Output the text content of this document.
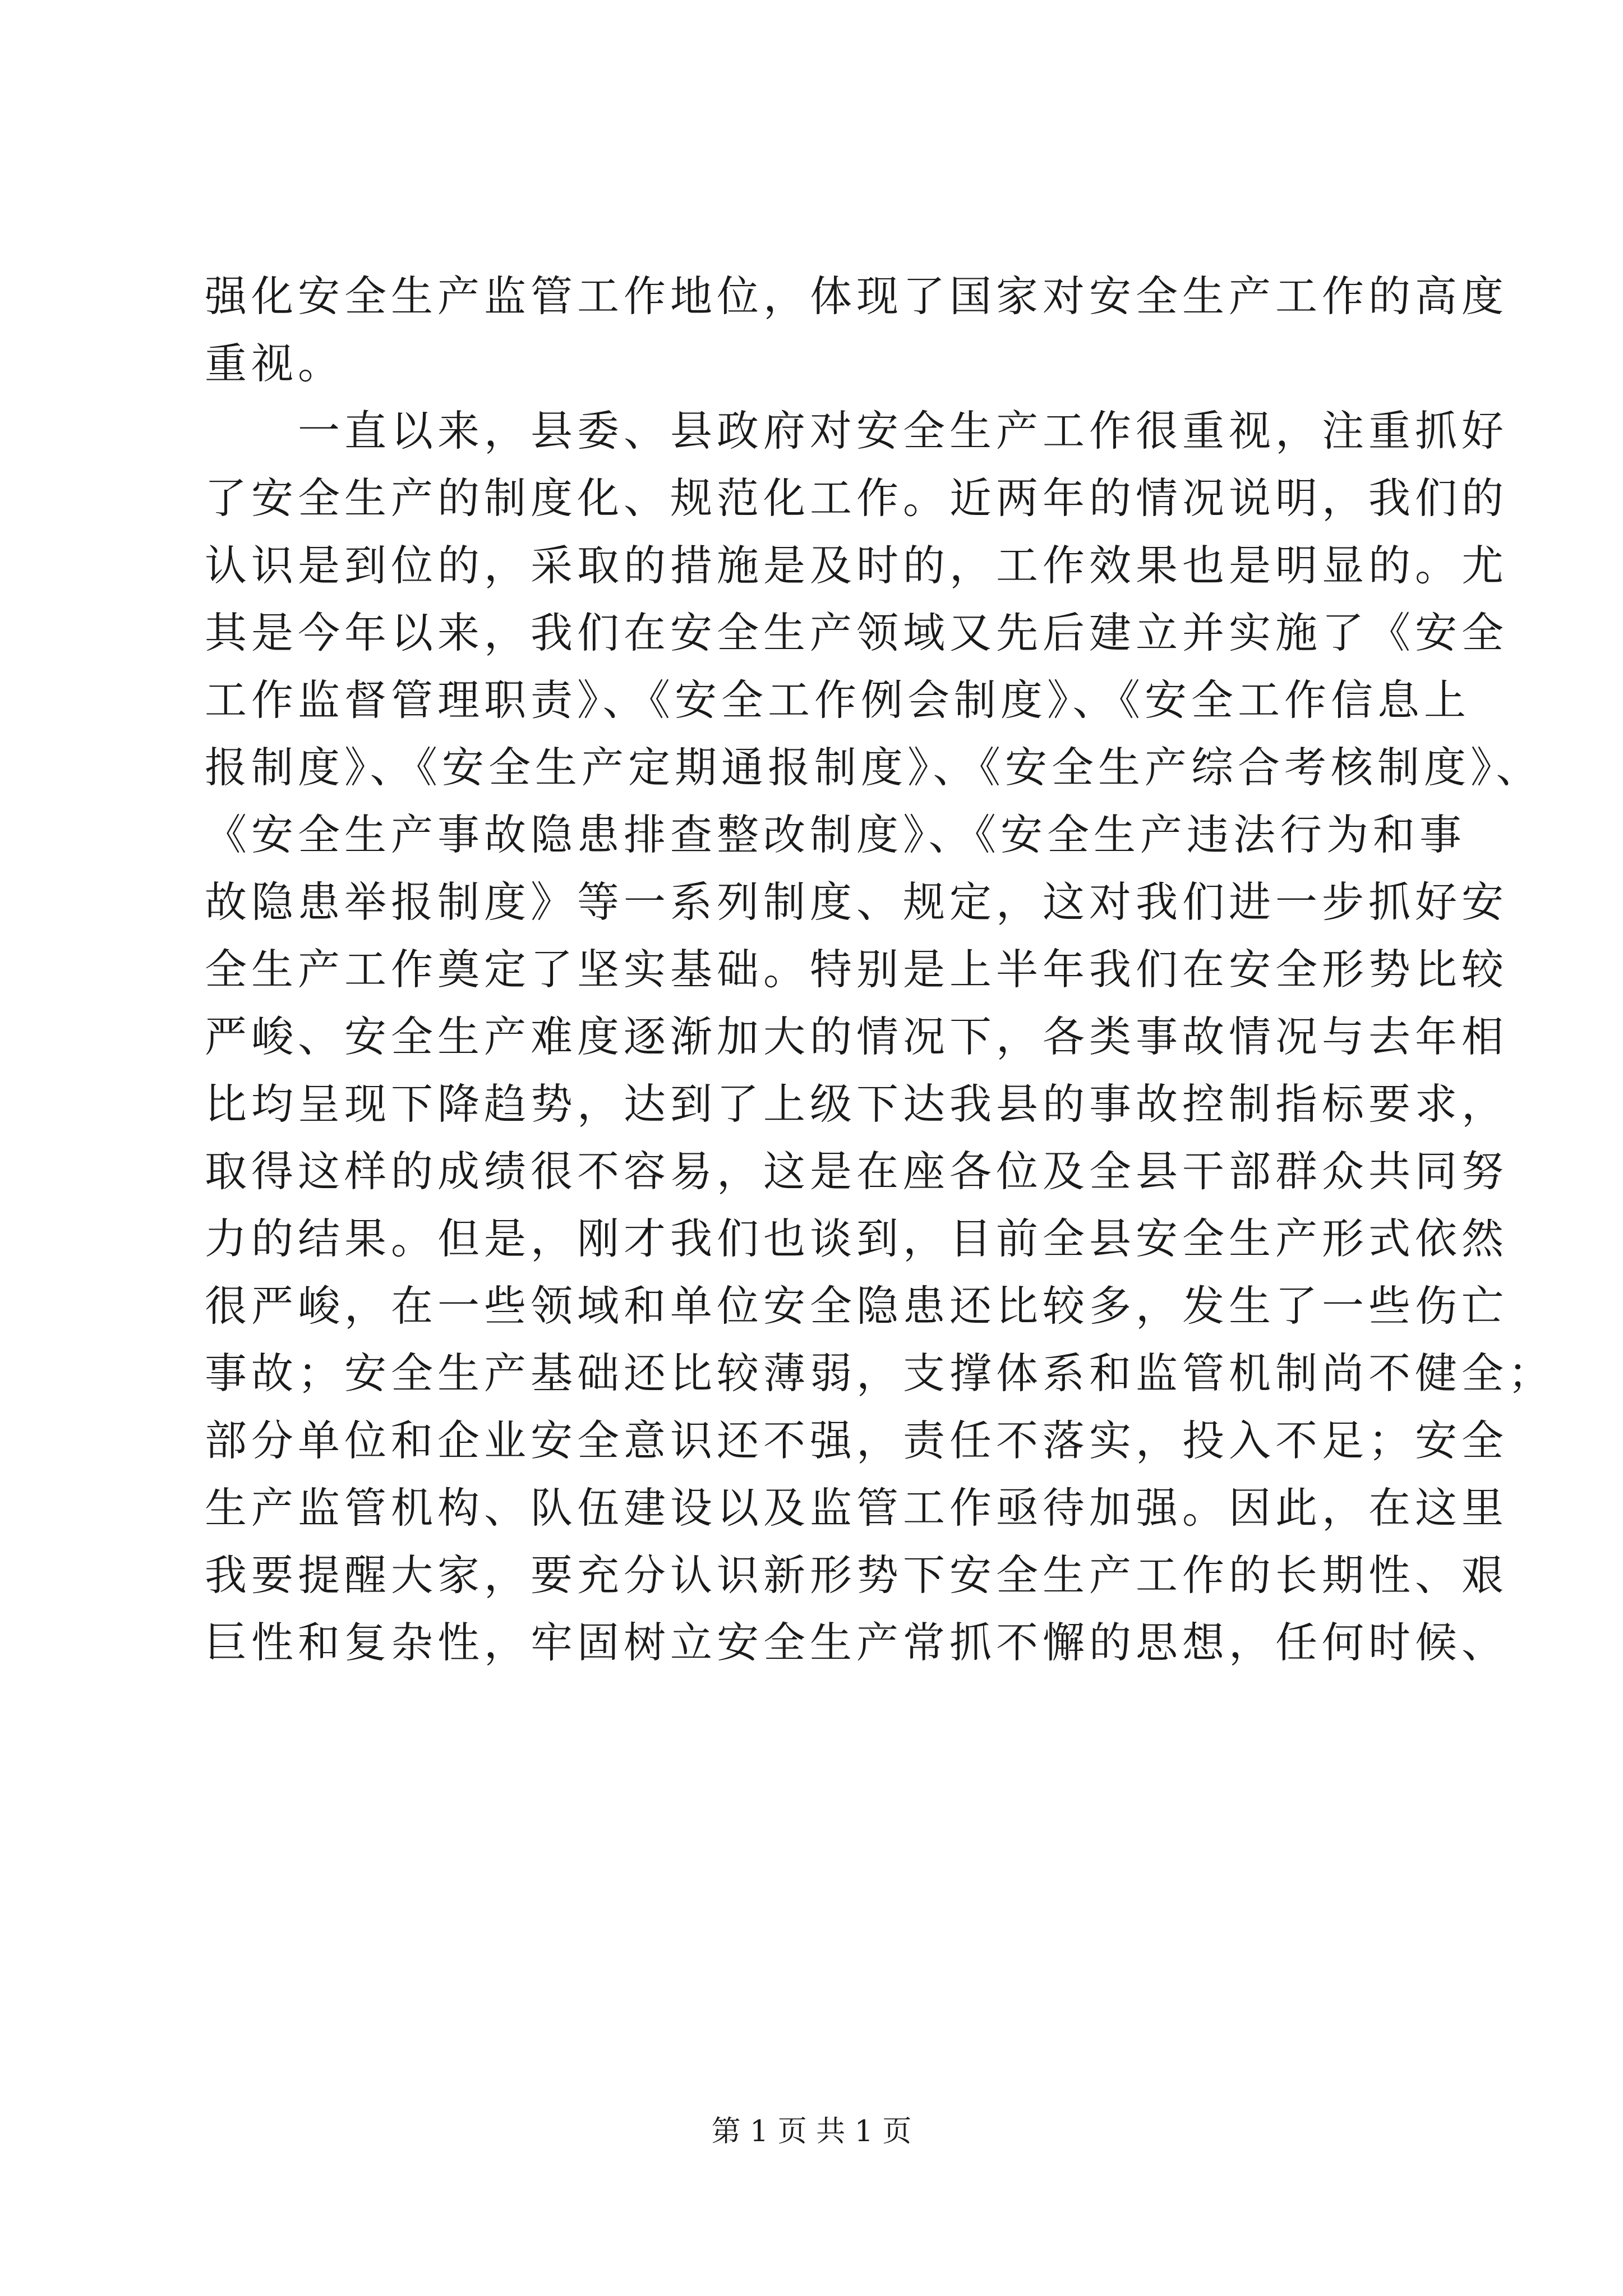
强化安全生产监管工作地位，体现了国家对安全生产工作的高度
重视。
　　一直以来，县委、县政府对安全生产工作很重视，注重抓好
了安全生产的制度化、规范化工作。近两年的情况说明，我们的
认识是到位的，采取的措施是及时的，工作效果也是明显的。尤
其是今年以来，我们在安全生产领域又先后建立并实施了《安全
工作监督管理职责》、《安全工作例会制度》、《安全工作信息上
报制度》、《安全生产定期通报制度》、《安全生产综合考核制度》、
《安全生产事故隐患排查整改制度》、《安全生产违法行为和事
故隐患举报制度》等一系列制度、规定，这对我们进一步抓好安
全生产工作奠定了坚实基础。特别是上半年我们在安全形势比较
严峻、安全生产难度逐渐加大的情况下，各类事故情况与去年相
比均呈现下降趋势，达到了上级下达我县的事故控制指标要求，
取得这样的成绩很不容易，这是在座各位及全县干部群众共同努
力的结果。但是，刚才我们也谈到，目前全县安全生产形式依然
很严峻，在一些领域和单位安全隐患还比较多，发生了一些伤亡
事故；安全生产基础还比较薄弱，支撑体系和监管机制尚不健全；
部分单位和企业安全意识还不强，责任不落实，投入不足；安全
生产监管机构、队伍建设以及监管工作亟待加强。因此，在这里
我要提醒大家，要充分认识新形势下安全生产工作的长期性、艰
巨性和复杂性，牢固树立安全生产常抓不懈的思想，任何时候、
第 1 页 共 1 页
